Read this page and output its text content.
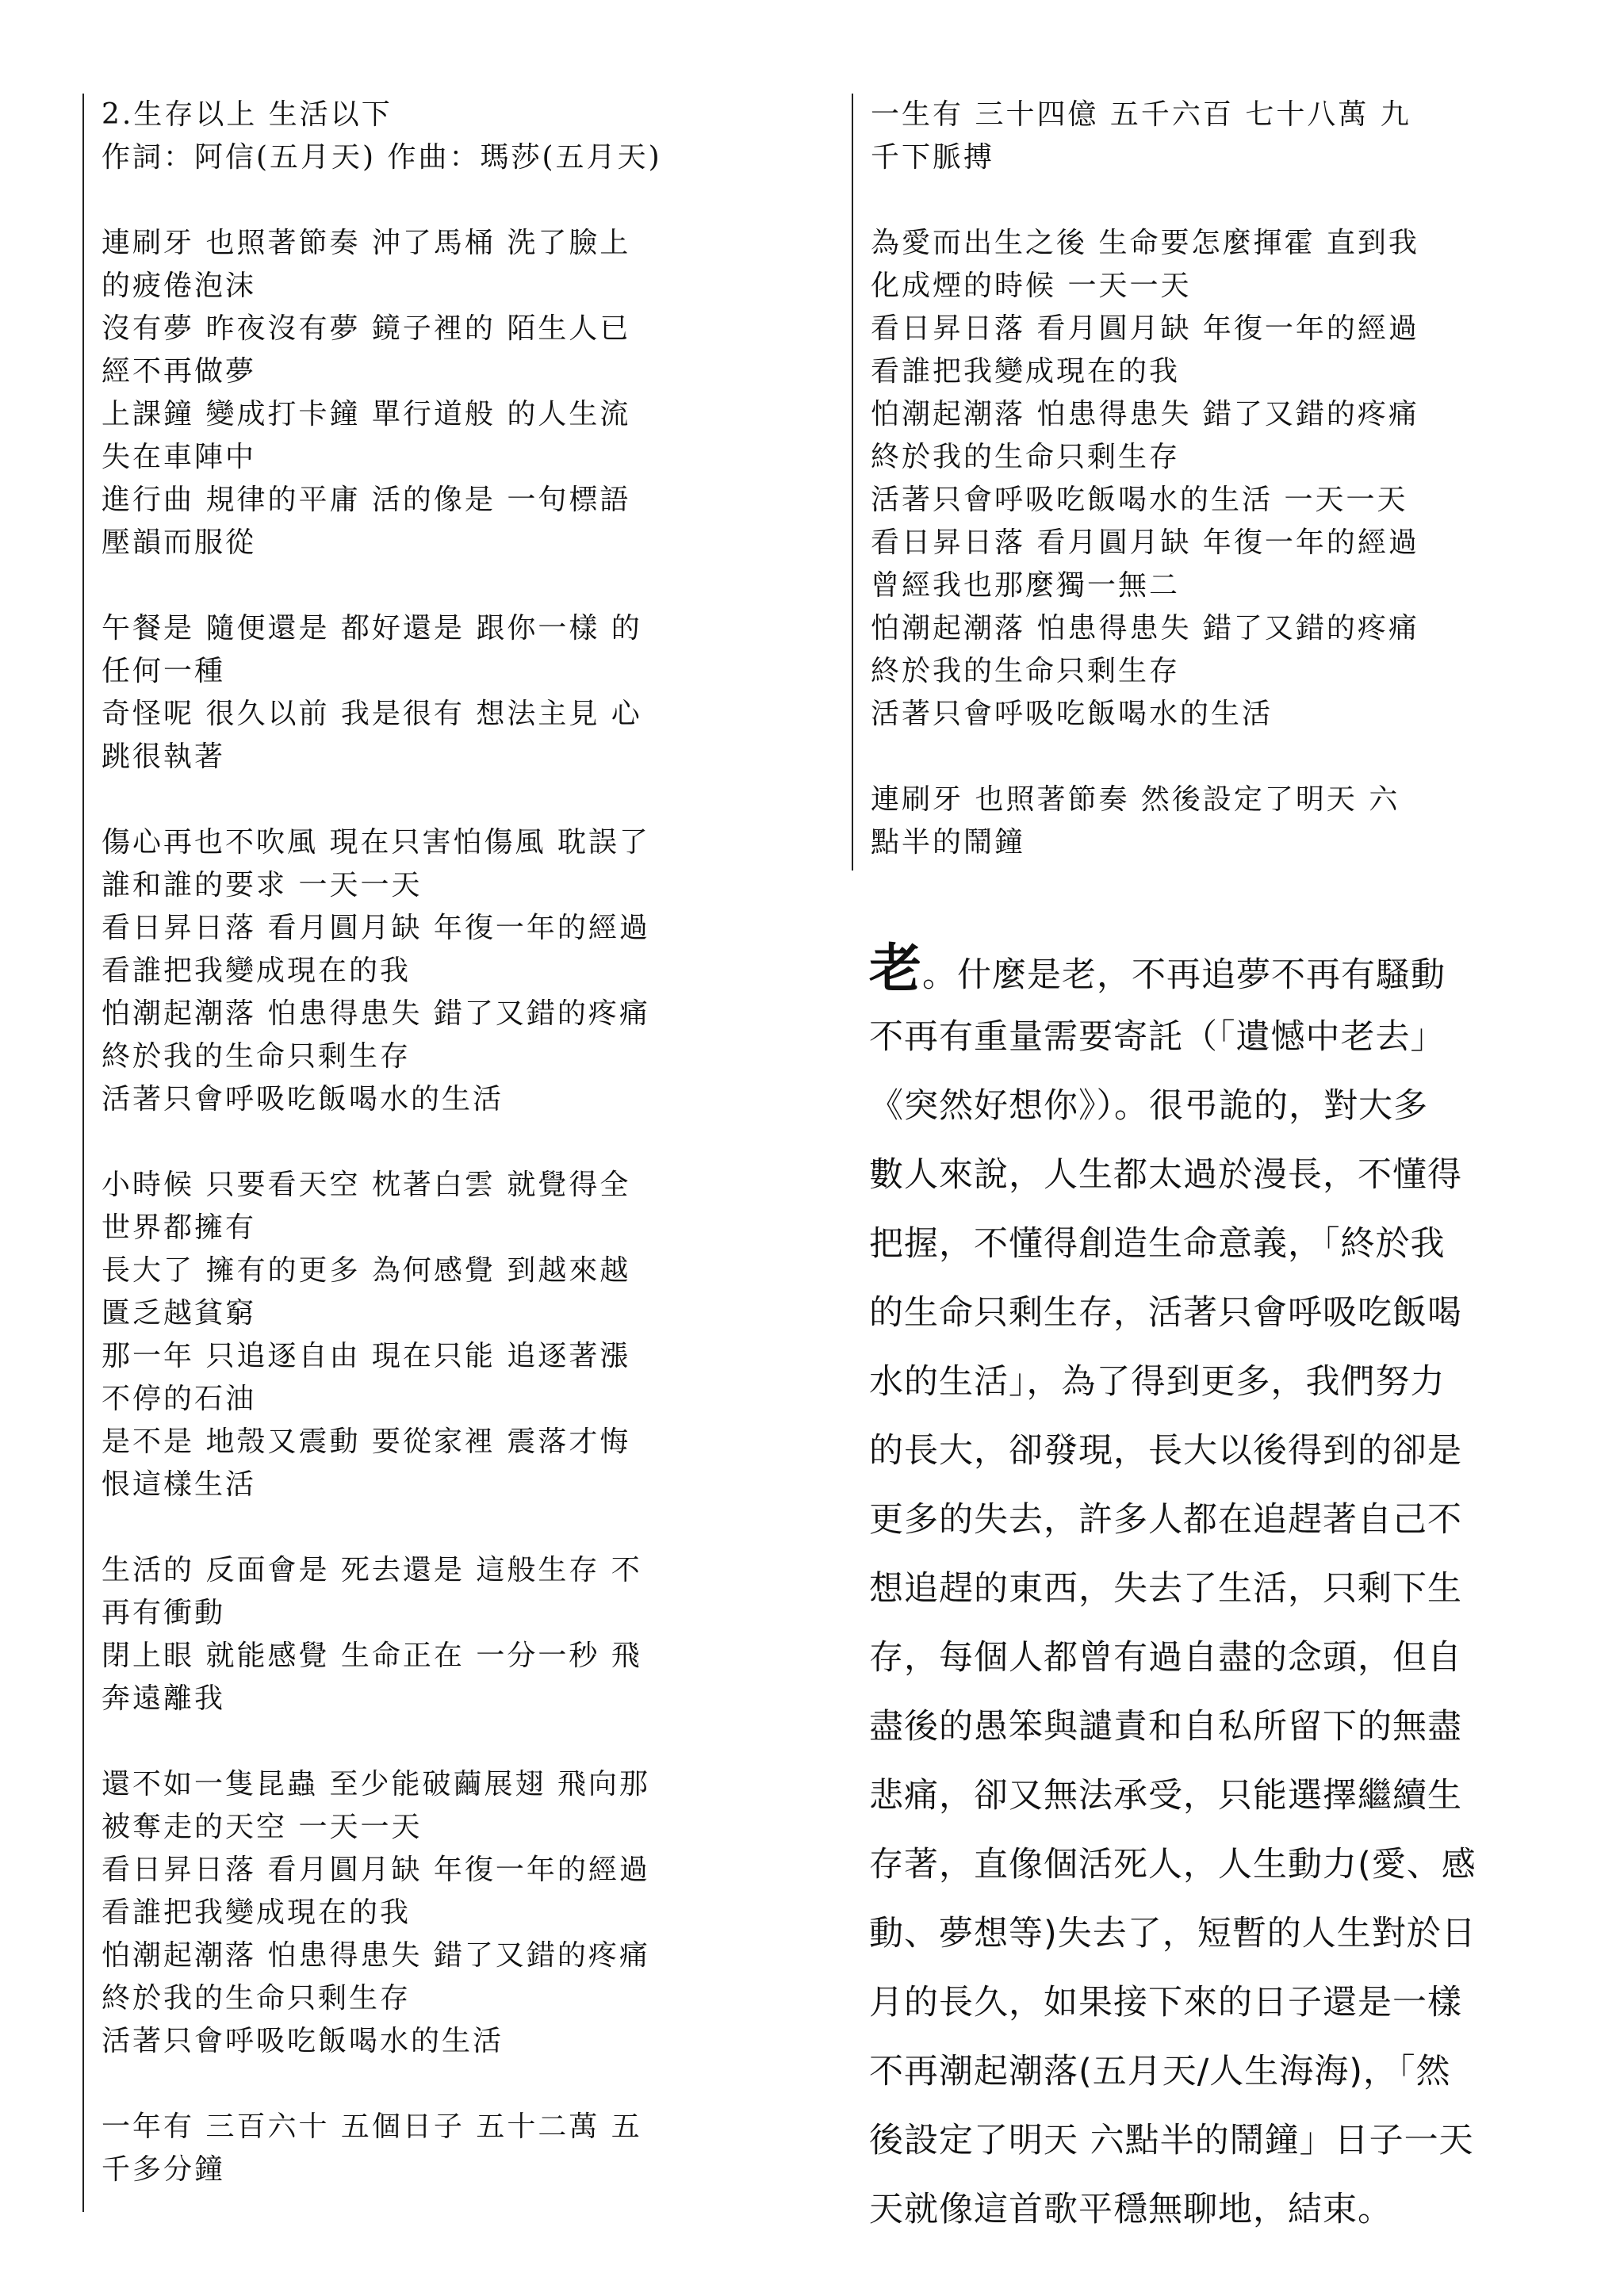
2.生存以上 生活以下
作詞：阿信(五月天) 作曲：瑪莎(五月天)
連刷牙 也照著節奏 沖了馬桶 洗了臉上
的疲倦泡沫
沒有夢 昨夜沒有夢 鏡子裡的 陌生人已
經不再做夢
上課鐘 變成打卡鐘 單行道般 的人生流
失在車陣中
進行曲 規律的平庸 活的像是 一句標語
壓韻而服從
午餐是 隨便還是 都好還是 跟你一樣 的
任何一種
奇怪呢 很久以前 我是很有 想法主見 心
跳很執著
傷心再也不吹風 現在只害怕傷風 耽誤了
誰和誰的要求 一天一天
看日昇日落 看月圓月缺 年復一年的經過
看誰把我變成現在的我
怕潮起潮落 怕患得患失 錯了又錯的疼痛
終於我的生命只剩生存
活著只會呼吸吃飯喝水的生活
小時候 只要看天空 枕著白雲 就覺得全
世界都擁有
長大了 擁有的更多 為何感覺 到越來越
匱乏越貧窮
那一年 只追逐自由 現在只能 追逐著漲
不停的石油
是不是 地殼又震動 要從家裡 震落才悔
恨這樣生活
生活的 反面會是 死去還是 這般生存 不
再有衝動
閉上眼 就能感覺 生命正在 一分一秒 飛
奔遠離我
還不如一隻昆蟲 至少能破繭展翅 飛向那
被奪走的天空 一天一天
看日昇日落 看月圓月缺 年復一年的經過
看誰把我變成現在的我
怕潮起潮落 怕患得患失 錯了又錯的疼痛
終於我的生命只剩生存
活著只會呼吸吃飯喝水的生活
一年有 三百六十 五個日子 五十二萬 五
千多分鐘
一生有 三十四億 五千六百 七十八萬 九
千下脈搏
為愛而出生之後 生命要怎麼揮霍 直到我
化成煙的時候 一天一天
看日昇日落 看月圓月缺 年復一年的經過
看誰把我變成現在的我
怕潮起潮落 怕患得患失 錯了又錯的疼痛
終於我的生命只剩生存
活著只會呼吸吃飯喝水的生活 一天一天
看日昇日落 看月圓月缺 年復一年的經過
曾經我也那麼獨一無二
怕潮起潮落 怕患得患失 錯了又錯的疼痛
終於我的生命只剩生存
活著只會呼吸吃飯喝水的生活
連刷牙 也照著節奏 然後設定了明天 六
點半的鬧鐘
老。什麼是老，不再追夢不再有騷動
不再有重量需要寄託（「遺憾中老去」
《突然好想你》）。很弔詭的，對大多
數人來說，人生都太過於漫長，不懂得
把握，不懂得創造生命意義，「終於我
的生命只剩生存，活著只會呼吸吃飯喝
水的生活」，為了得到更多，我們努力
的長大，卻發現，長大以後得到的卻是
更多的失去，許多人都在追趕著自己不
想追趕的東西，失去了生活，只剩下生
存，每個人都曾有過自盡的念頭，但自
盡後的愚笨與譴責和自私所留下的無盡
悲痛，卻又無法承受，只能選擇繼續生
存著，直像個活死人，人生動力(愛、感
動、夢想等)失去了，短暫的人生對於日
月的長久，如果接下來的日子還是一樣
不再潮起潮落(五月天/人生海海)，「然
後設定了明天 六點半的鬧鐘」日子一天
天就像這首歌平穩無聊地，結束。
